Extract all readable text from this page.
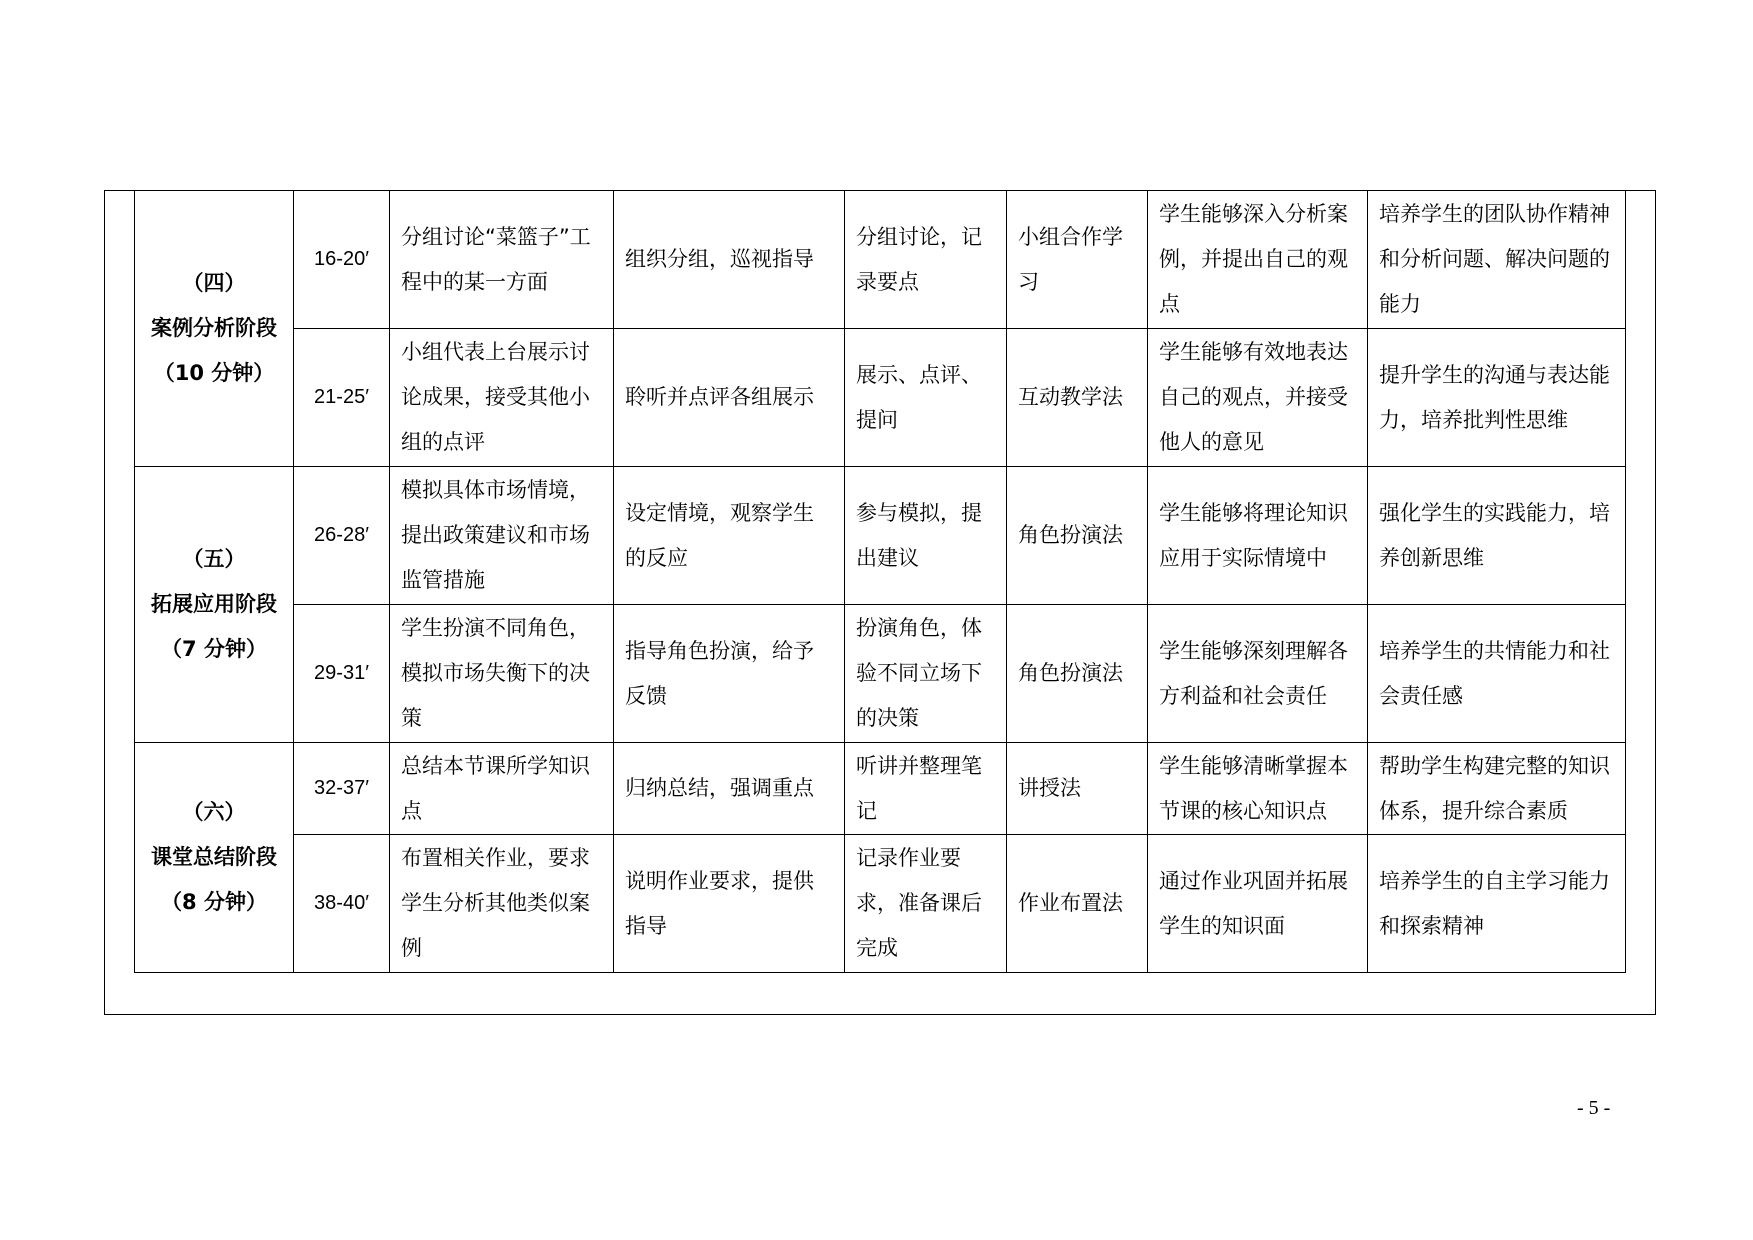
（四）
案例分析阶段
（10 分钟）	16-20′	分组讨论“菜篮子”工程中的某一方面	组织分组，巡视指导	分组讨论，记录要点	小组合作学习	学生能够深入分析案例，并提出自己的观点	培养学生的团队协作精神和分析问题、解决问题的能力
	21-25′	小组代表上台展示讨论成果，接受其他小组的点评	聆听并点评各组展示	展示、点评、提问	互动教学法	学生能够有效地表达自己的观点，并接受他人的意见	提升学生的沟通与表达能力，培养批判性思维

（五）
拓展应用阶段
（7 分钟）	26-28′	模拟具体市场情境，提出政策建议和市场监管措施	设定情境，观察学生的反应	参与模拟，提出建议	角色扮演法	学生能够将理论知识应用于实际情境中	强化学生的实践能力，培养创新思维
	29-31′	学生扮演不同角色，模拟市场失衡下的决策	指导角色扮演，给予反馈	扮演角色，体验不同立场下的决策	角色扮演法	学生能够深刻理解各方利益和社会责任	培养学生的共情能力和社会责任感

（六）
课堂总结阶段
（8 分钟）	32-37′	总结本节课所学知识点	归纳总结，强调重点	听讲并整理笔记	讲授法	学生能够清晰掌握本节课的核心知识点	帮助学生构建完整的知识体系，提升综合素质
	38-40′	布置相关作业，要求学生分析其他类似案例	说明作业要求，提供指导	记录作业要求，准备课后完成	作业布置法	通过作业巩固并拓展学生的知识面	培养学生的自主学习能力和探索精神
- 5 -
